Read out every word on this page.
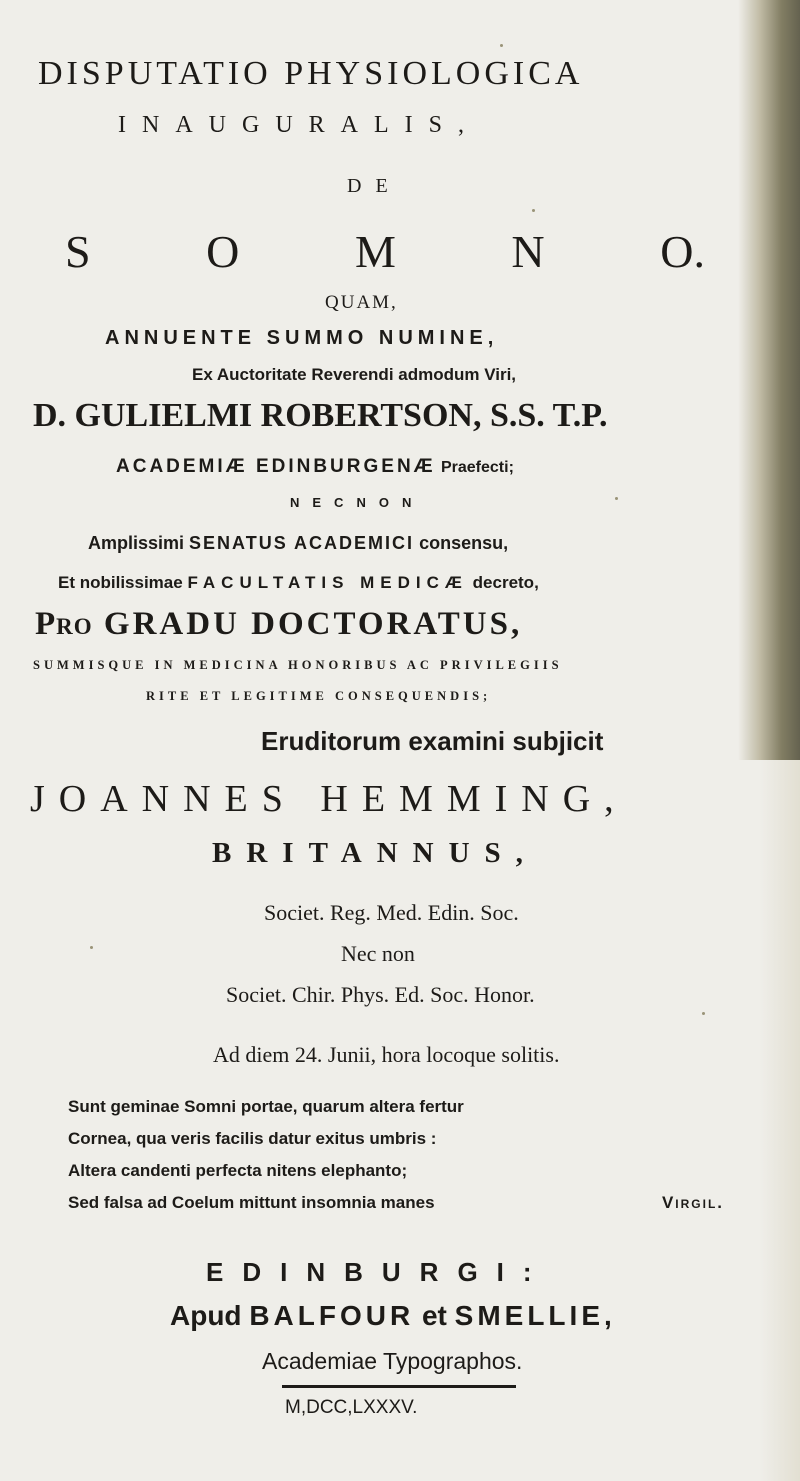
DISPUTATIO PHYSIOLOGICA
INAUGURALIS,
DE
S	O	M	N	O.
QUAM,
ANNUENTE SUMMO NUMINE,
Ex Auctoritate Reverendi admodum Viri,
D. GULIELMI ROBERTSON, S.S. T.P.
ACADEMIÆ EDINBURGENÆ Praefecti;
NECNON
Amplissimi SENATUS ACADEMICI consensu,
Et nobilissimae FACULTATIS MEDICÆ decreto,
Pro GRADU DOCTORATUS,
SUMMISQUE IN MEDICINA HONORIBUS AC PRIVILEGIIS
RITE ET LEGITIME CONSEQUENDIS;
Eruditorum examini subjicit
JOANNES HEMMING,
BRITANNUS,
Societ. Reg. Med. Edin. Soc.
Nec non
Societ. Chir. Phys. Ed. Soc. Honor.
Ad diem 24. Junii, hora locoque solitis.
Sunt geminae Somni portae, quarum altera fertur
Cornea, qua veris facilis datur exitus umbris :
Altera candenti perfecta nitens elephanto;
Sed falsa ad Coelum mittunt insomnia manes	Virgil.
EDINBURGI:
Apud BALFOUR et SMELLIE,
Academiae Typographos.
M,DCC,LXXXV.
